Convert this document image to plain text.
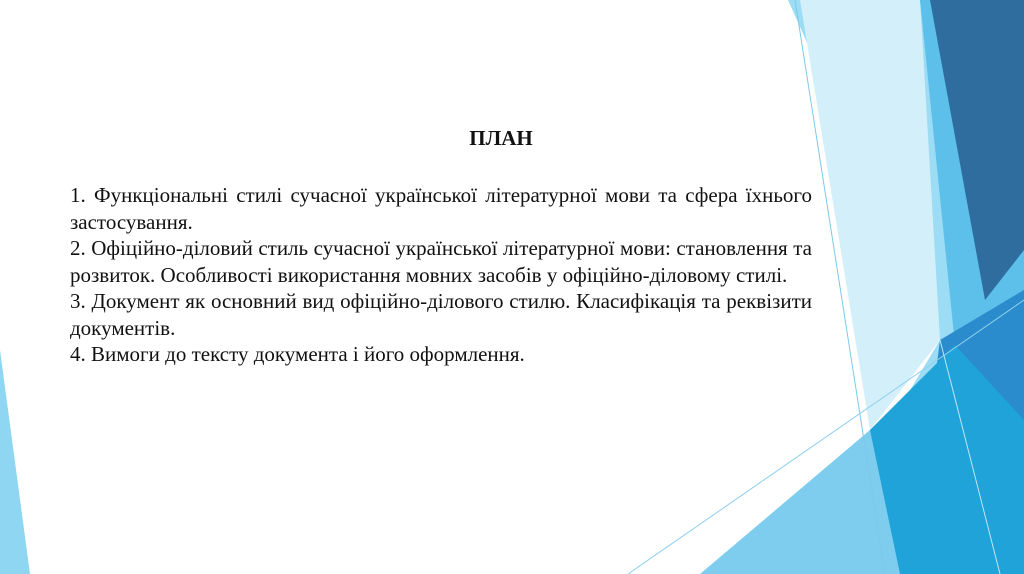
ПЛАН
1. Функціональні стилі сучасної української літературної мови та сфера їхнього застосування.
2. Офіційно-діловий стиль сучасної української літературної мови: становлення та розвиток. Особливості використання мовних засобів у офіційно-діловому стилі.
3. Документ як основний вид офіційно-ділового стилю. Класифікація та реквізити документів.
4. Вимоги до тексту документа і його оформлення.
